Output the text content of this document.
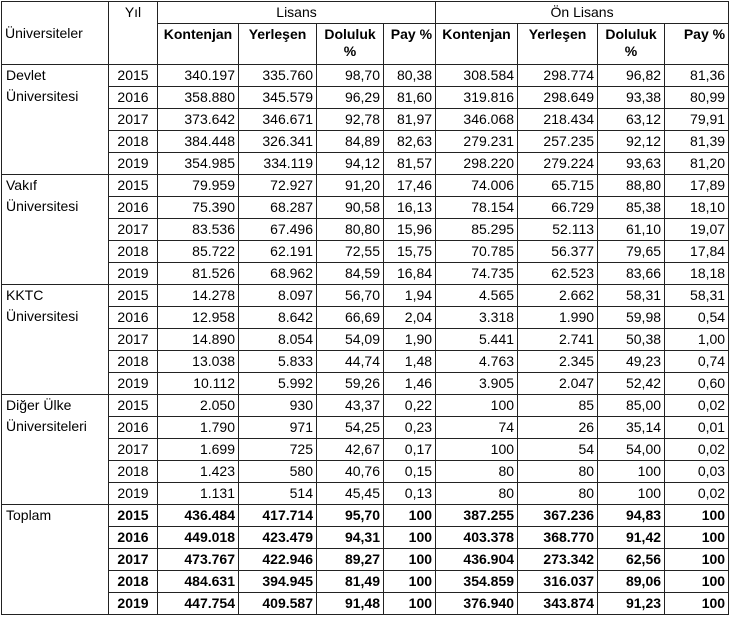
Üniversiteler	Yıl	Lisans				Ön Lisans			
		Kontenjan	Yerleşen	Doluluk %	Pay %	Kontenjan	Yerleşen	Doluluk %	Pay %
Devlet Üniversitesi	2015	340.197	335.760	98,70	80,38	308.584	298.774	96,82	81,36
	2016	358.880	345.579	96,29	81,60	319.816	298.649	93,38	80,99
	2017	373.642	346.671	92,78	81,97	346.068	218.434	63,12	79,91
	2018	384.448	326.341	84,89	82,63	279.231	257.235	92,12	81,39
	2019	354.985	334.119	94,12	81,57	298.220	279.224	93,63	81,20
Vakıf Üniversitesi	2015	79.959	72.927	91,20	17,46	74.006	65.715	88,80	17,89
	2016	75.390	68.287	90,58	16,13	78.154	66.729	85,38	18,10
	2017	83.536	67.496	80,80	15,96	85.295	52.113	61,10	19,07
	2018	85.722	62.191	72,55	15,75	70.785	56.377	79,65	17,84
	2019	81.526	68.962	84,59	16,84	74.735	62.523	83,66	18,18
KKTC Üniversitesi	2015	14.278	8.097	56,70	1,94	4.565	2.662	58,31	58,31
	2016	12.958	8.642	66,69	2,04	3.318	1.990	59,98	0,54
	2017	14.890	8.054	54,09	1,90	5.441	2.741	50,38	1,00
	2018	13.038	5.833	44,74	1,48	4.763	2.345	49,23	0,74
	2019	10.112	5.992	59,26	1,46	3.905	2.047	52,42	0,60
Diğer Ülke Üniversiteleri	2015	2.050	930	43,37	0,22	100	85	85,00	0,02
	2016	1.790	971	54,25	0,23	74	26	35,14	0,01
	2017	1.699	725	42,67	0,17	100	54	54,00	0,02
	2018	1.423	580	40,76	0,15	80	80	100	0,03
	2019	1.131	514	45,45	0,13	80	80	100	0,02
Toplam	2015	436.484	417.714	95,70	100	387.255	367.236	94,83	100
	2016	449.018	423.479	94,31	100	403.378	368.770	91,42	100
	2017	473.767	422.946	89,27	100	436.904	273.342	62,56	100
	2018	484.631	394.945	81,49	100	354.859	316.037	89,06	100
	2019	447.754	409.587	91,48	100	376.940	343.874	91,23	100
